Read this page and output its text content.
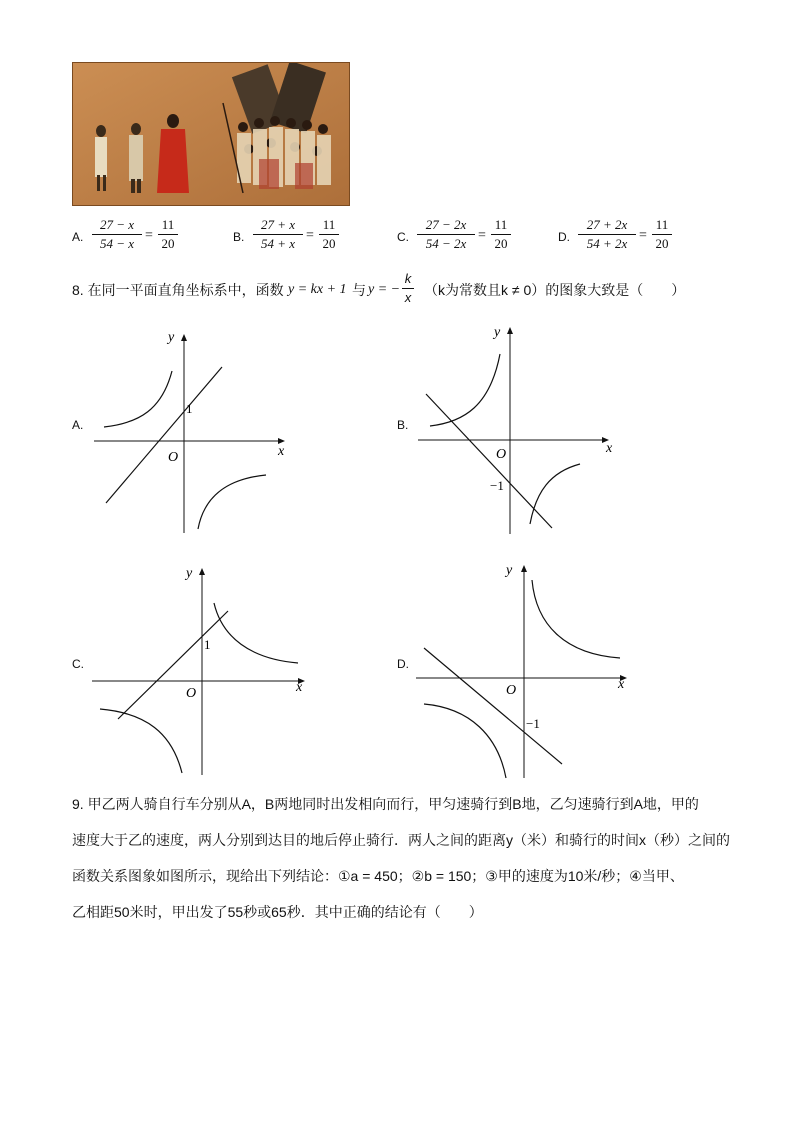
A. $\frac{27 - x}{54 - x} = \frac{11}{20}$	B. $\frac{27 + x}{54 + x} = \frac{11}{20}$	C. $\frac{27 - 2x}{54 - 2x} = \frac{11}{20}$	D. $\frac{27 + 2x}{54 + 2x} = \frac{11}{20}$
8. 在同一平面直角坐标系中，函数 y = kx + 1 与 y = − $\frac{k}{x} (k$为常数且k ≠ 0）的图象大致是（　　）
A.
1
O	x
y
B.
−1
O	x
y
C.
1
O	x
y
D.
−1
O	x
y
9. 甲乙两人骑自行车分别从A，B两地同时出发相向而行，甲匀速骑行到B地，乙匀速骑行到A地，甲的
速度大于乙的速度，两人分别到达目的地后停止骑行．两人之间的距离y（米）和骑行的时间x（秒）之间的
函数关系图象如图所示，现给出下列结论：①a = 450；②b = 150；③甲的速度为10米/秒；④当甲、
乙相距50米时，甲出发了55秒或65秒．其中正确的结论有（　　）
